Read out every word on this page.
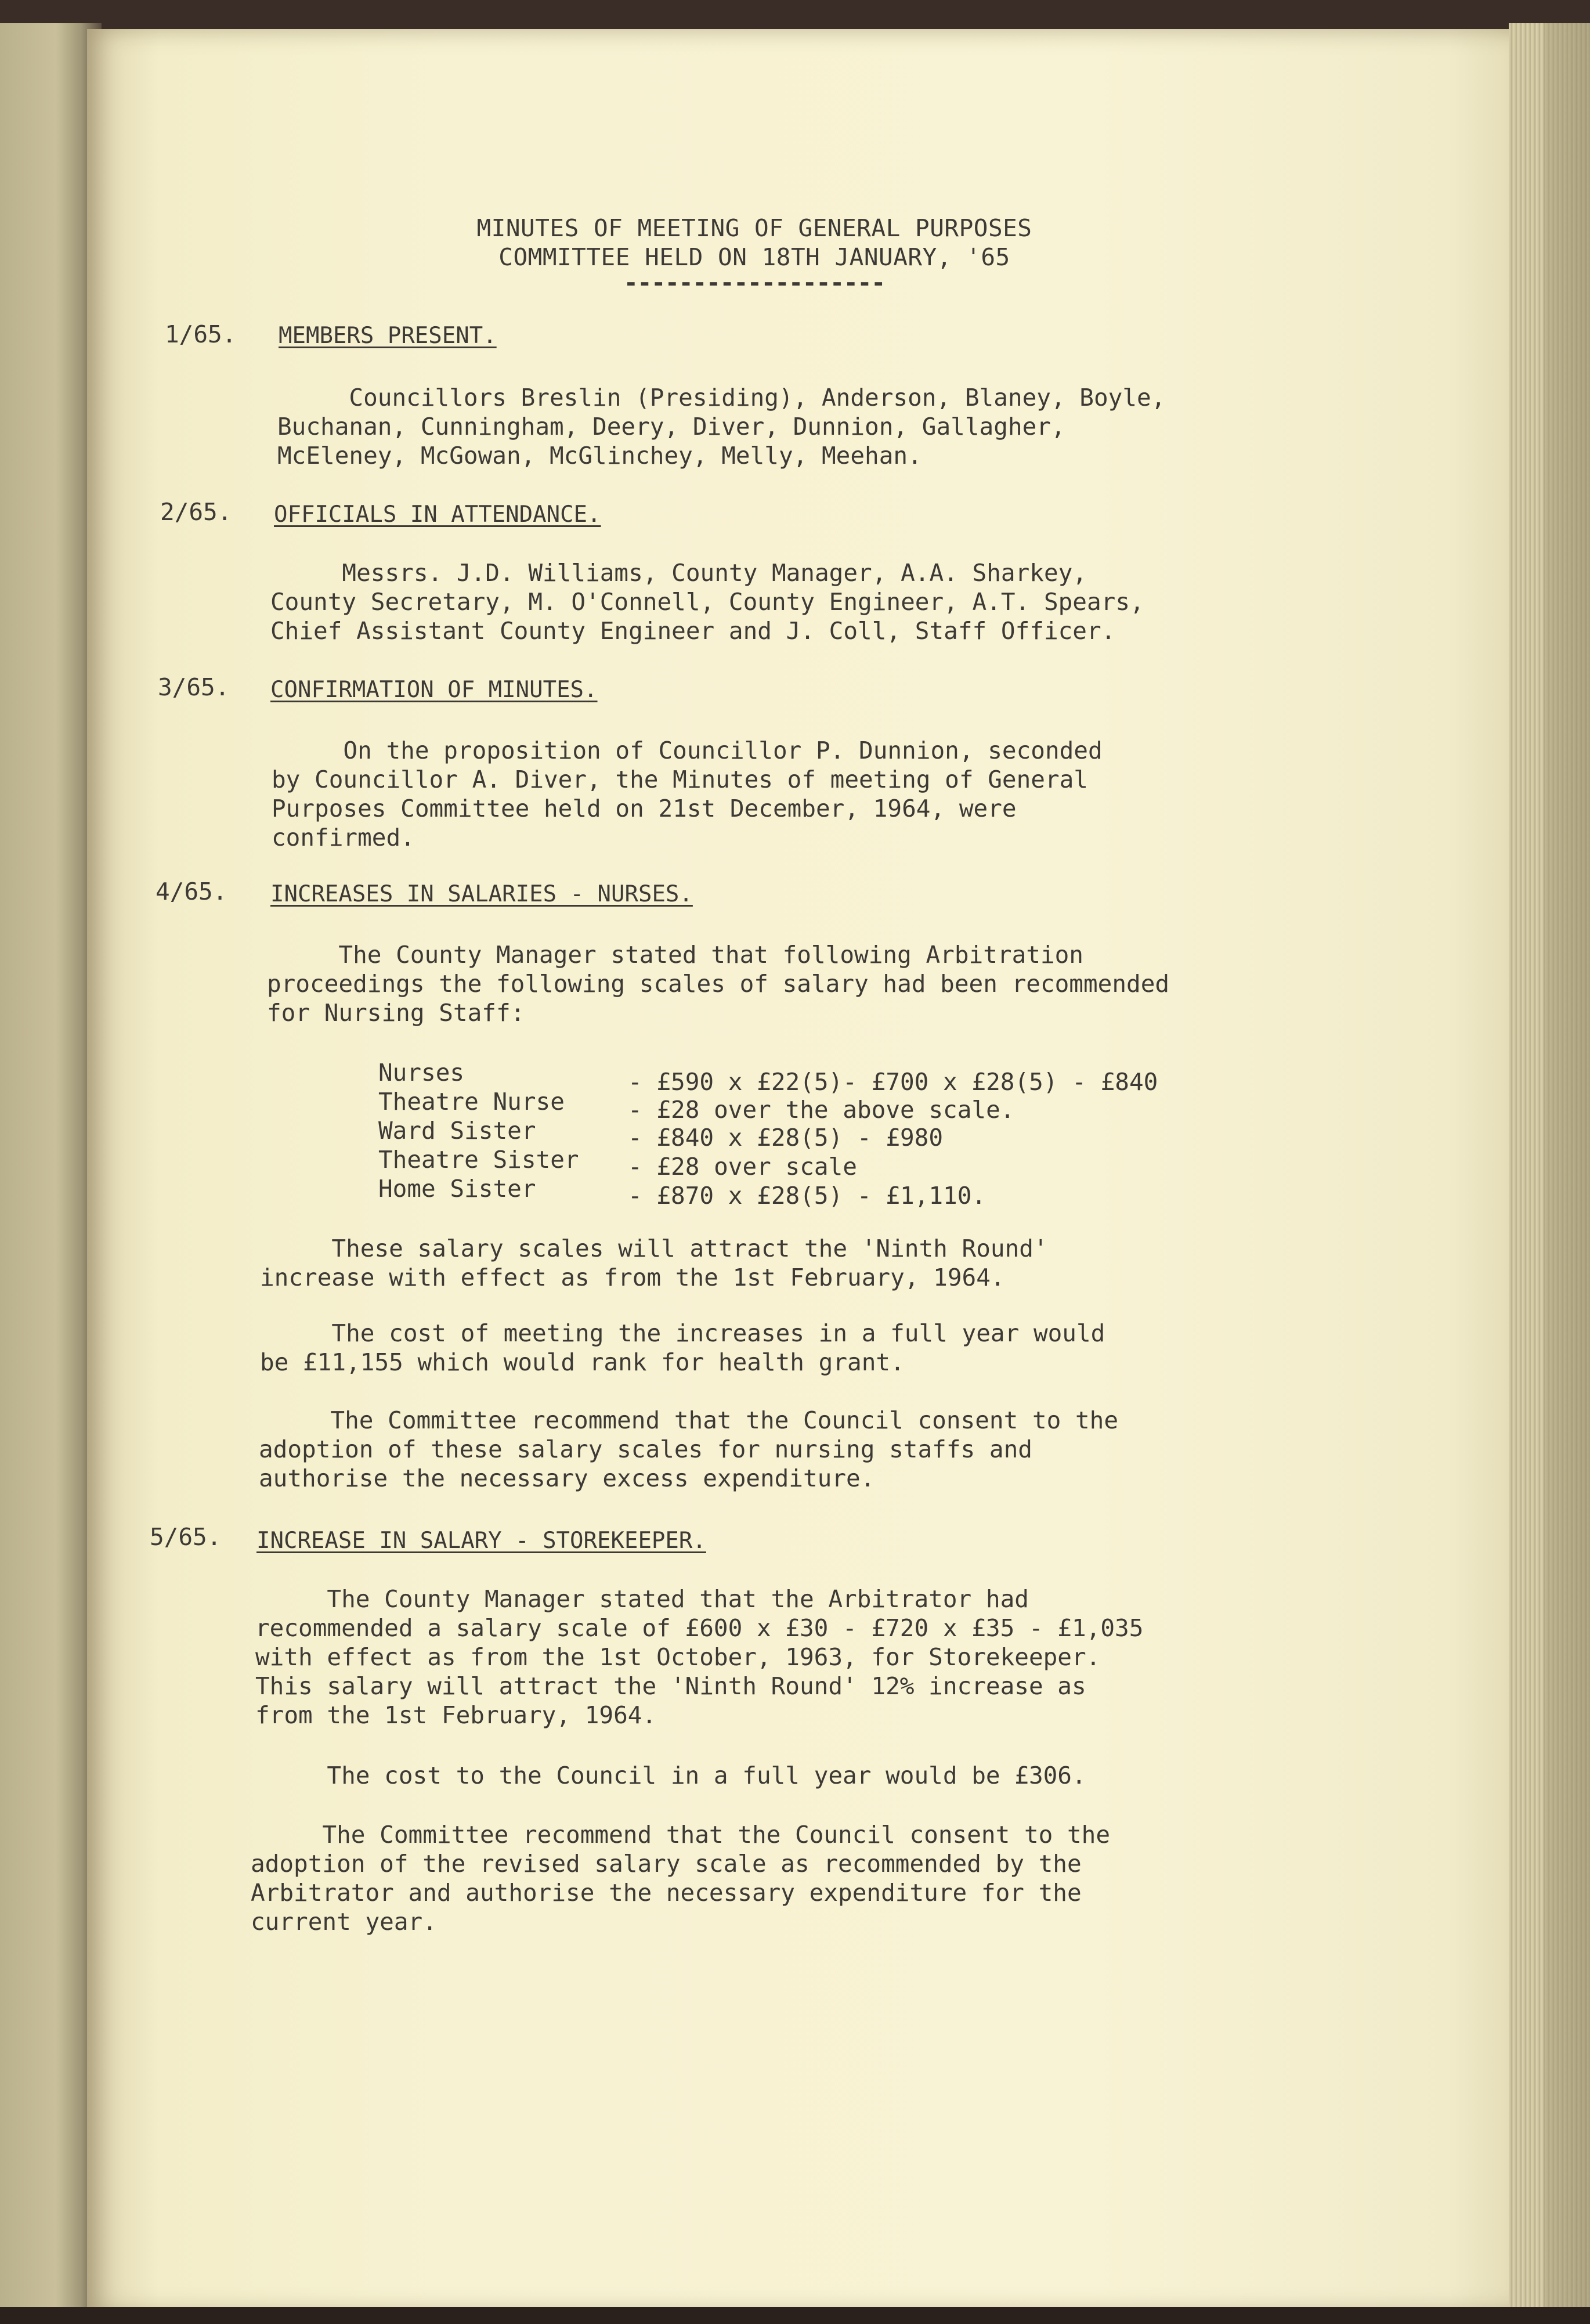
MINUTES OF MEETING OF GENERAL PURPOSES
COMMITTEE HELD ON 18TH JANUARY, '65
-------------------
1/65. MEMBERS PRESENT.
Councillors Breslin (Presiding), Anderson, Blaney, Boyle,
Buchanan, Cunningham, Deery, Diver, Dunnion, Gallagher,
McEleney, McGowan, McGlinchey, Melly, Meehan.
2/65. OFFICIALS IN ATTENDANCE.
Messrs. J.D. Williams, County Manager, A.A. Sharkey,
County Secretary, M. O'Connell, County Engineer, A.T. Spears,
Chief Assistant County Engineer and J. Coll, Staff Officer.
3/65. CONFIRMATION OF MINUTES.
On the proposition of Councillor P. Dunnion, seconded
by Councillor A. Diver, the Minutes of meeting of General
Purposes Committee held on 21st December, 1964, were
confirmed.
4/65. INCREASES IN SALARIES - NURSES.
The County Manager stated that following Arbitration
proceedings the following scales of salary had been recommended
for Nursing Staff:
Nurses	- £590 x £22(5)- £700 x £28(5) - £840
Theatre Nurse	- £28 over the above scale.
Ward Sister	- £840 x £28(5) - £980
Theatre Sister - £28 over scale
Home Sister	- £870 x £28(5) - £1,110.
These salary scales will attract the 'Ninth Round'
increase with effect as from the 1st February, 1964.
The cost of meeting the increases in a full year would
be £11,155 which would rank for health grant.
The Committee recommend that the Council consent to the
adoption of these salary scales for nursing staffs and
authorise the necessary excess expenditure.
5/65. INCREASE IN SALARY - STOREKEEPER.
The County Manager stated that the Arbitrator had
recommended a salary scale of £600 x £30 - £720 x £35 - £1,035
with effect as from the 1st October, 1963, for Storekeeper.
This salary will attract the 'Ninth Round' 12% increase as
from the 1st February, 1964.
The cost to the Council in a full year would be £306.
The Committee recommend that the Council consent to the
adoption of the revised salary scale as recommended by the
Arbitrator and authorise the necessary expenditure for the
current year.
